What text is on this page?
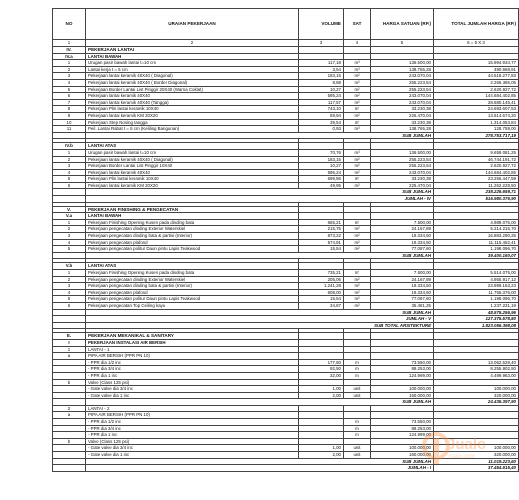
NO	URAIAN PEKERJAAN	VOLUME	SAT	HARGA SATUAN (RP.)	TOTAL JUMLAH HARGA (RP.)
1	2	3	4	5	6 = 5 X 3
IV.	PEKERJAAN LANTAI				
IV.a	LANTAI BAWAH				
1	Urugan pasir bawah lantai t=10 cm	117,18	m³	136.500,00	15.994.934,77
2	Lantai kerja t = 5 cm	3,54	m³	138.765,28	490.968,91
3	Pekerjaan lantai keramik 40X40 ( Diagonal)	183,15	m²	243.070,04	44.518.277,83
4	Pekerjaan lantai keramik 40X40 ( Border Diagonal)	8,88	m²	255.223,54	2.266.385,05
5	Pekerjaan Border Lantai List Pinggir 20X40 (Warna Coklat)	10,27	m²	255.223,54	2.620.927,72
6	Pekerjaan lantai keramik 40X40	595,24	m²	243.070,04	144.684.402,85
7	Pekerjaan lantai keramik 40X40 (Tangga)	117,57	m²	243.070,04	28.580.145,41
8	Pekerjaan Plin lantai keramik 10X40	743,10	m'	33.230,38	24.693.607,53
9	Pekerjaan lantai keramik KM 20X20	59,94	m²	225.470,04	13.514.674,20
10	Pekerjaan Step Nosing tangga	39,54	m'	33.230,38	1.314.053,84
11	Peil. Lantai Rabat t = 5 cm (Keliling Bangunan)	0,93	m³	138.765,28	128.759,00
	SUB JUMLAH				278.753.717,19

IV.b	LANTAI ATAS				
1	Urugan pasir bawah lantai t=10 cm	70,76	m³	136.500,00	9.659.081,25
2	Pekerjaan lantai keramik 40X40 ( Diagonal)	183,15	m²	255.223,54	46.744.191,72
3	Pekerjaan Border Lantai List Pinggir 10X40	10,27	m²	255.223,54	2.620.927,72
4	Pekerjaan lantai keramik 40X40	595,24	m²	243.070,04	144.684.402,85
5	Pekerjaan Plin lantai keramik 10X40	699,86	m'	33.230,38	23.256.447,59
6	Pekerjaan lantai keramik KM 20X20	49,95	m²	225.470,04	11.262.228,50
	SUB JUMLAH				238.226.659,71
	JUMLAH - IV				516.980.376,90

V.	PEKERJAAN FINISHING & PENGECATAN				
V.a	LANTAI BAWAH				
1	Pekerjaan Finishing Opening Kusen pada dinding bata	665,21	m'	7.500,00	4.989.075,00
2	Pekerjaan pengecatan dinding Exterior Waterskiel	215,75	m²	24.167,89	5.214.215,70
3	Pekerjaan pengecatan dinding bata & partisi (Interior)	873,22	m²	19.334,50	16.883.290,25
4	Pekerjaan pengecatan plafond	574,91	m²	19.334,50	11.115.452,41
5	Pekerjaan pengecatan politur Daun pintu Lapis Teakwood	15,54	m²	77.087,60	1.198.096,70
	SUB JUMLAH				39.400.160,07

V.b	LANTAI ATAS				
1	Pekerjaan Finishing Opening Kusen pada dinding bata	735,21	m'	7.500,00	5.514.075,00
2	Pekerjaan pengecatan dinding Exterior Waterskiel	205,06	m²	24.167,89	4.955.917,12
3	Pekerjaan pengecatan dinding bata & partisi (Interior)	1.241,28	m²	19.334,50	23.999.163,23
4	Pekerjaan pengecatan plafond	608,00	m²	19.334,50	11.755.376,00
5	Pekerjaan pengecatan politur Daun pintu Lapis Teakwood	15,54	m²	77.087,60	1.198.096,70
6	Pekerjaan pengecatan Top Ceiling kayu	34,87	m²	35.481,25	1.237.231,19
	SUB JUMLAH				48.575.256,96
	JUMLAH - V				127.375.578,80
	SUB TOTAL ARSITEKTURE				1.823.056.398,08

E.	PEKERJAAN MEKANIKAL & SANITARY				
I	PEKERJAAN INSTALASI AIR BERSIH				
1	LANTAI - 1				
a	PIPA AIR BERSIH (PPR PN 10)				
	- PPR dia 1/2 inc	177,60	m	73.550,00	13.062.528,40
	- PPR dia 3/4 inc	92,50	m	89.253,00	8.255.902,50
	- PPR dia 1 inc	32,00	m	124.999,00	4.499.963,00
b	Valve (Class 125 psi)				
	- Gate valve dia 3/4 inc	1,00	unit	100.000,00	100.000,00
	- Gate valve dia 1 inc	2,00	unit	160.000,00	320.000,00
	SUB JUMLAH				24.435.397,90
2	LANTAI - 2				
a	PIPA AIR BERSIH (PPR PN 10)				
	- PPR dia 1/2 inc		m	73.550,00	
	- PPR dia 3/4 inc		m	89.253,00	
	- PPR dia 1 inc		m	124.999,00	
b	Valve (Class 125 psi)				
	- Gate valve dia 3/4 inc	1,00	unit	100.000,00	100.000,00
	- Gate valve dia 1 inc	2,00	unit	160.000,00	320.000,00
	SUB JUMLAH				11.019.223,60
	JUMLAH - I				37.454.615,40
Jualo
jualo.com
